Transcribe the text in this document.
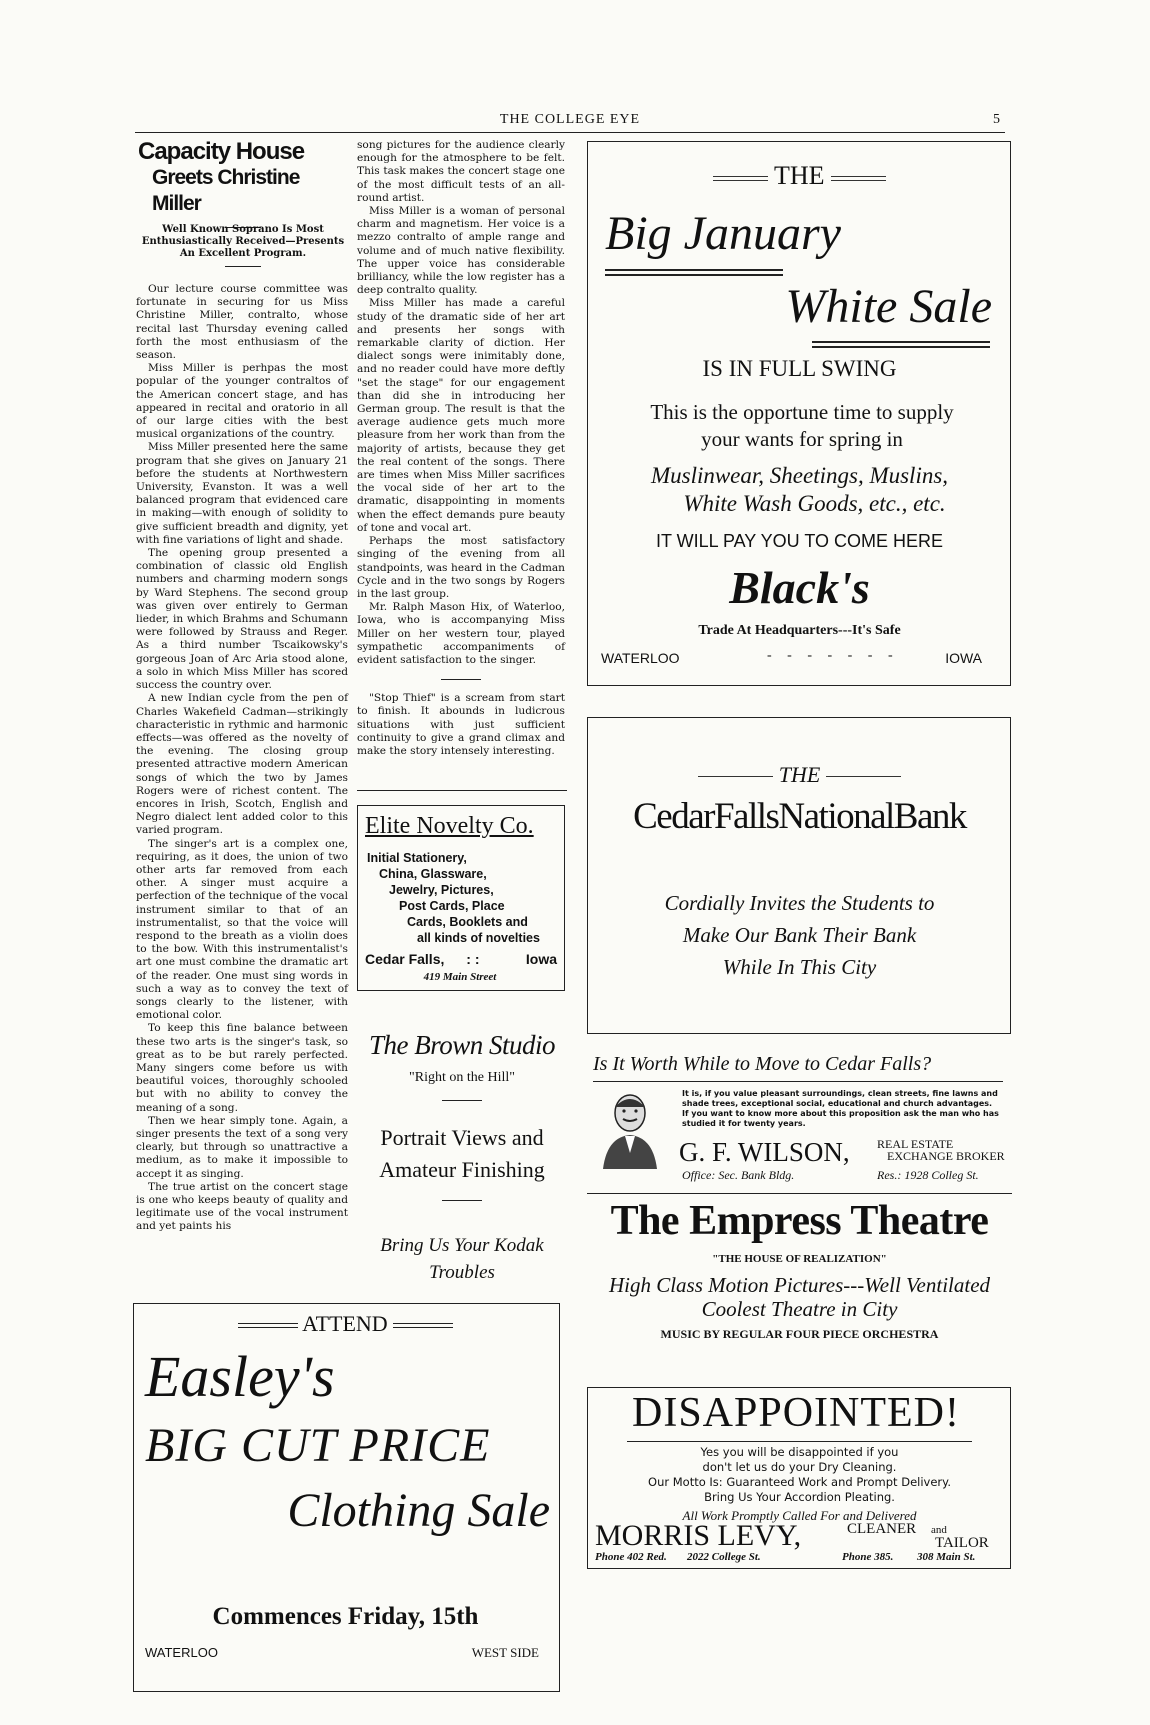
THE COLLEGE EYE	5
Capacity House
Greets Christine Miller
Well Known Soprano Is Most Enthusiastically Received—Presents An Excellent Program.

Our lecture course committee was fortunate in securing for us Miss Christine Miller, contralto, whose recital last Thursday evening called forth the most enthusiasm of the season.

Miss Miller is perhpas the most popular of the younger contraltos of the American concert stage, and has appeared in recital and oratorio in all of our large cities with the best musical organizations of the country.

Miss Miller presented here the same program that she gives on January 21 before the students at Northwestern University, Evanston. It was a well balanced program that evidenced care in making—with enough of solidity to give sufficient breadth and dignity, yet with fine variations of light and shade.

The opening group presented a combination of classic old English numbers and charming modern songs by Ward Stephens. The second group was given over entirely to German lieder, in which Brahms and Schumann were followed by Strauss and Reger. As a third number Tscaikowsky's gorgeous Joan of Arc Aria stood alone, a solo in which Miss Miller has scored success the country over.

A new Indian cycle from the pen of Charles Wakefield Cadman—strikingly characteristic in rythmic and harmonic effects—was offered as the novelty of the evening. The closing group presented attractive modern American songs of which the two by James Rogers were of richest content. The encores in Irish, Scotch, English and Negro dialect lent added color to this varied program.

The singer's art is a complex one, requiring, as it does, the union of two other arts far removed from each other. A singer must acquire a perfection of the technique of the vocal instrument similar to that of an instrumentalist, so that the voice will respond to the breath as a violin does to the bow. With this instrumentalist's art one must combine the dramatic art of the reader. One must sing words in such a way as to convey the text of songs clearly to the listener, with emotional color.

To keep this fine balance between these two arts is the singer's task, so great as to be but rarely perfected. Many singers come before us with beautiful voices, thoroughly schooled but with no ability to convey the meaning of a song.

Then we hear simply tone. Again, a singer presents the text of a song very clearly, but through so unattractive a medium, as to make it impossible to accept it as singing.

The true artist on the concert stage is one who keeps beauty of quality and legitimate use of the vocal instrument and yet paints his

song pictures for the audience clearly enough for the atmosphere to be felt. This task makes the concert stage one of the most difficult tests of an all-round artist.

Miss Miller is a woman of personal charm and magnetism. Her voice is a mezzo contralto of ample range and volume and of much native flexibility. The upper voice has considerable brilliancy, while the low register has a deep contralto quality.

Miss Miller has made a careful study of the dramatic side of her art and presents her songs with remarkable clarity of diction. Her dialect songs were inimitably done, and no reader could have more deftly "set the stage" for our engagement than did she in introducing her German group. The result is that the average audience gets much more pleasure from her work than from the majority of artists, because they get the real content of the songs. There are times when Miss Miller sacrifices the vocal side of her art to the dramatic, disappointing in moments when the effect demands pure beauty of tone and vocal art.

Perhaps the most satisfactory singing of the evening from all standpoints, was heard in the Cadman Cycle and in the two songs by Rogers in the last group.

Mr. Ralph Mason Hix, of Waterloo, Iowa, who is accompanying Miss Miller on her western tour, played sympathetic accompaniments of evident satisfaction to the singer.

"Stop Thief" is a scream from start to finish. It abounds in ludicrous situations with just sufficient continuity to give a grand climax and make the story intensely interesting.

Elite Novelty Co.
Initial Stationery,
China, Glassware,
Jewelry, Pictures,
Post Cards, Place
Cards, Booklets and
all kinds of novelties
Cedar Falls, : :	Iowa
419 Main Street
The Brown Studio
"Right on the Hill"
Portrait Views and
Amateur Finishing
Bring Us Your Kodak
Troubles
ATTEND
Easley's
BIG CUT PRICE
Clothing Sale
Commences Friday, 15th
WATERLOO	WEST SIDE
THE
Big January
White Sale
IS IN FULL SWING
This is the opportune time to supply your wants for spring in
Muslinwear, Sheetings, Muslins,
White Wash Goods, etc., etc.
IT WILL PAY YOU TO COME HERE
Black's
Trade At Headquarters---It's Safe
WATERLOO	- - - - - - -	IOWA
THE
CedarFallsNationalBank
Cordially Invites the Students to
Make Our Bank Their Bank
While In This City
Is It Worth While to Move to Cedar Falls?
It is, if you value pleasant surroundings, clean streets, fine lawns and shade trees, exceptional social, educational and church advantages. If you want to know more about this proposition ask the man who has studied it for twenty years.
G. F. WILSON, REAL ESTATE
EXCHANGE BROKER
Office: Sec. Bank Bldg.	Res.: 1928 Colleg St.
The Empress Theatre
"THE HOUSE OF REALIZATION"
High Class Motion Pictures---Well Ventilated
Coolest Theatre in City
MUSIC BY REGULAR FOUR PIECE ORCHESTRA
DISAPPOINTED!
Yes you will be disappointed if you
don't let us do your Dry Cleaning.
Our Motto Is: Guaranteed Work and Prompt Delivery.
Bring Us Your Accordion Pleating.
All Work Promptly Called For and Delivered
MORRIS LEVY,	CLEANER and
TAILOR
Phone 402 Red. 2022 College St.	Phone 385. 308 Main St.
